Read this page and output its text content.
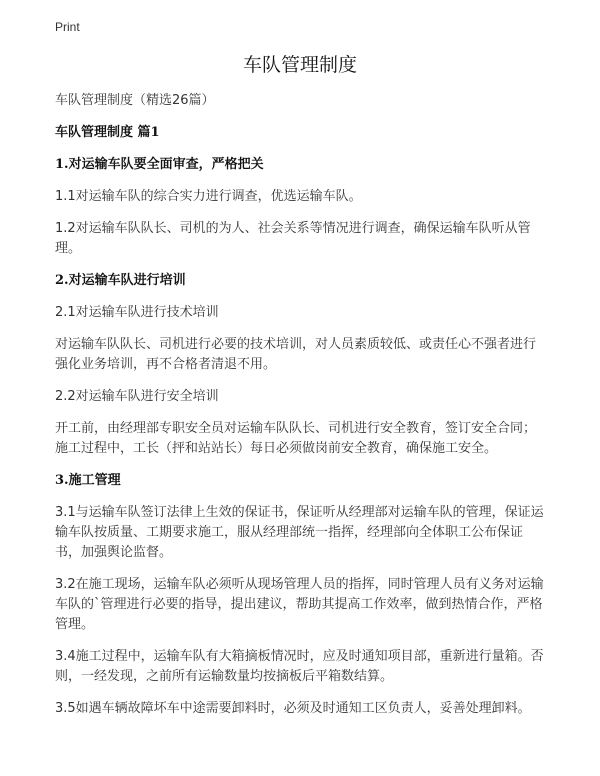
Print
车队管理制度

车队管理制度（精选26篇）

车队管理制度 篇1

1.对运输车队要全面审查，严格把关

1.1对运输车队的综合实力进行调查，优选运输车队。

1.2对运输车队队长、司机的为人、社会关系等情况进行调查，确保运输车队听从管理。

2.对运输车队进行培训

2.1对运输车队进行技术培训

对运输车队队长、司机进行必要的技术培训，对人员素质较低、或责任心不强者进行强化业务培训，再不合格者清退不用。

2.2对运输车队进行安全培训

开工前，由经理部专职安全员对运输车队队长、司机进行安全教育，签订安全合同；施工过程中，工长（抨和站站长）每日必须做岗前安全教育，确保施工安全。

3.施工管理

3.1与运输车队签订法律上生效的保证书，保证听从经理部对运输车队的管理，保证运输车队按质量、工期要求施工，服从经理部统一指挥，经理部向全体职工公布保证书，加强舆论监督。

3.2在施工现场，运输车队必须听从现场管理人员的指挥，同时管理人员有义务对运输车队的`管理进行必要的指导，提出建议，帮助其提高工作效率，做到热情合作，严格管理。

3.4施工过程中，运输车队有大箱摘板情况时，应及时通知项目部，重新进行量箱。否则，一经发现，之前所有运输数量均按摘板后平箱数结算。

3.5如遇车辆故障坏车中途需要卸料时，必须及时通知工区负责人，妥善处理卸料。
